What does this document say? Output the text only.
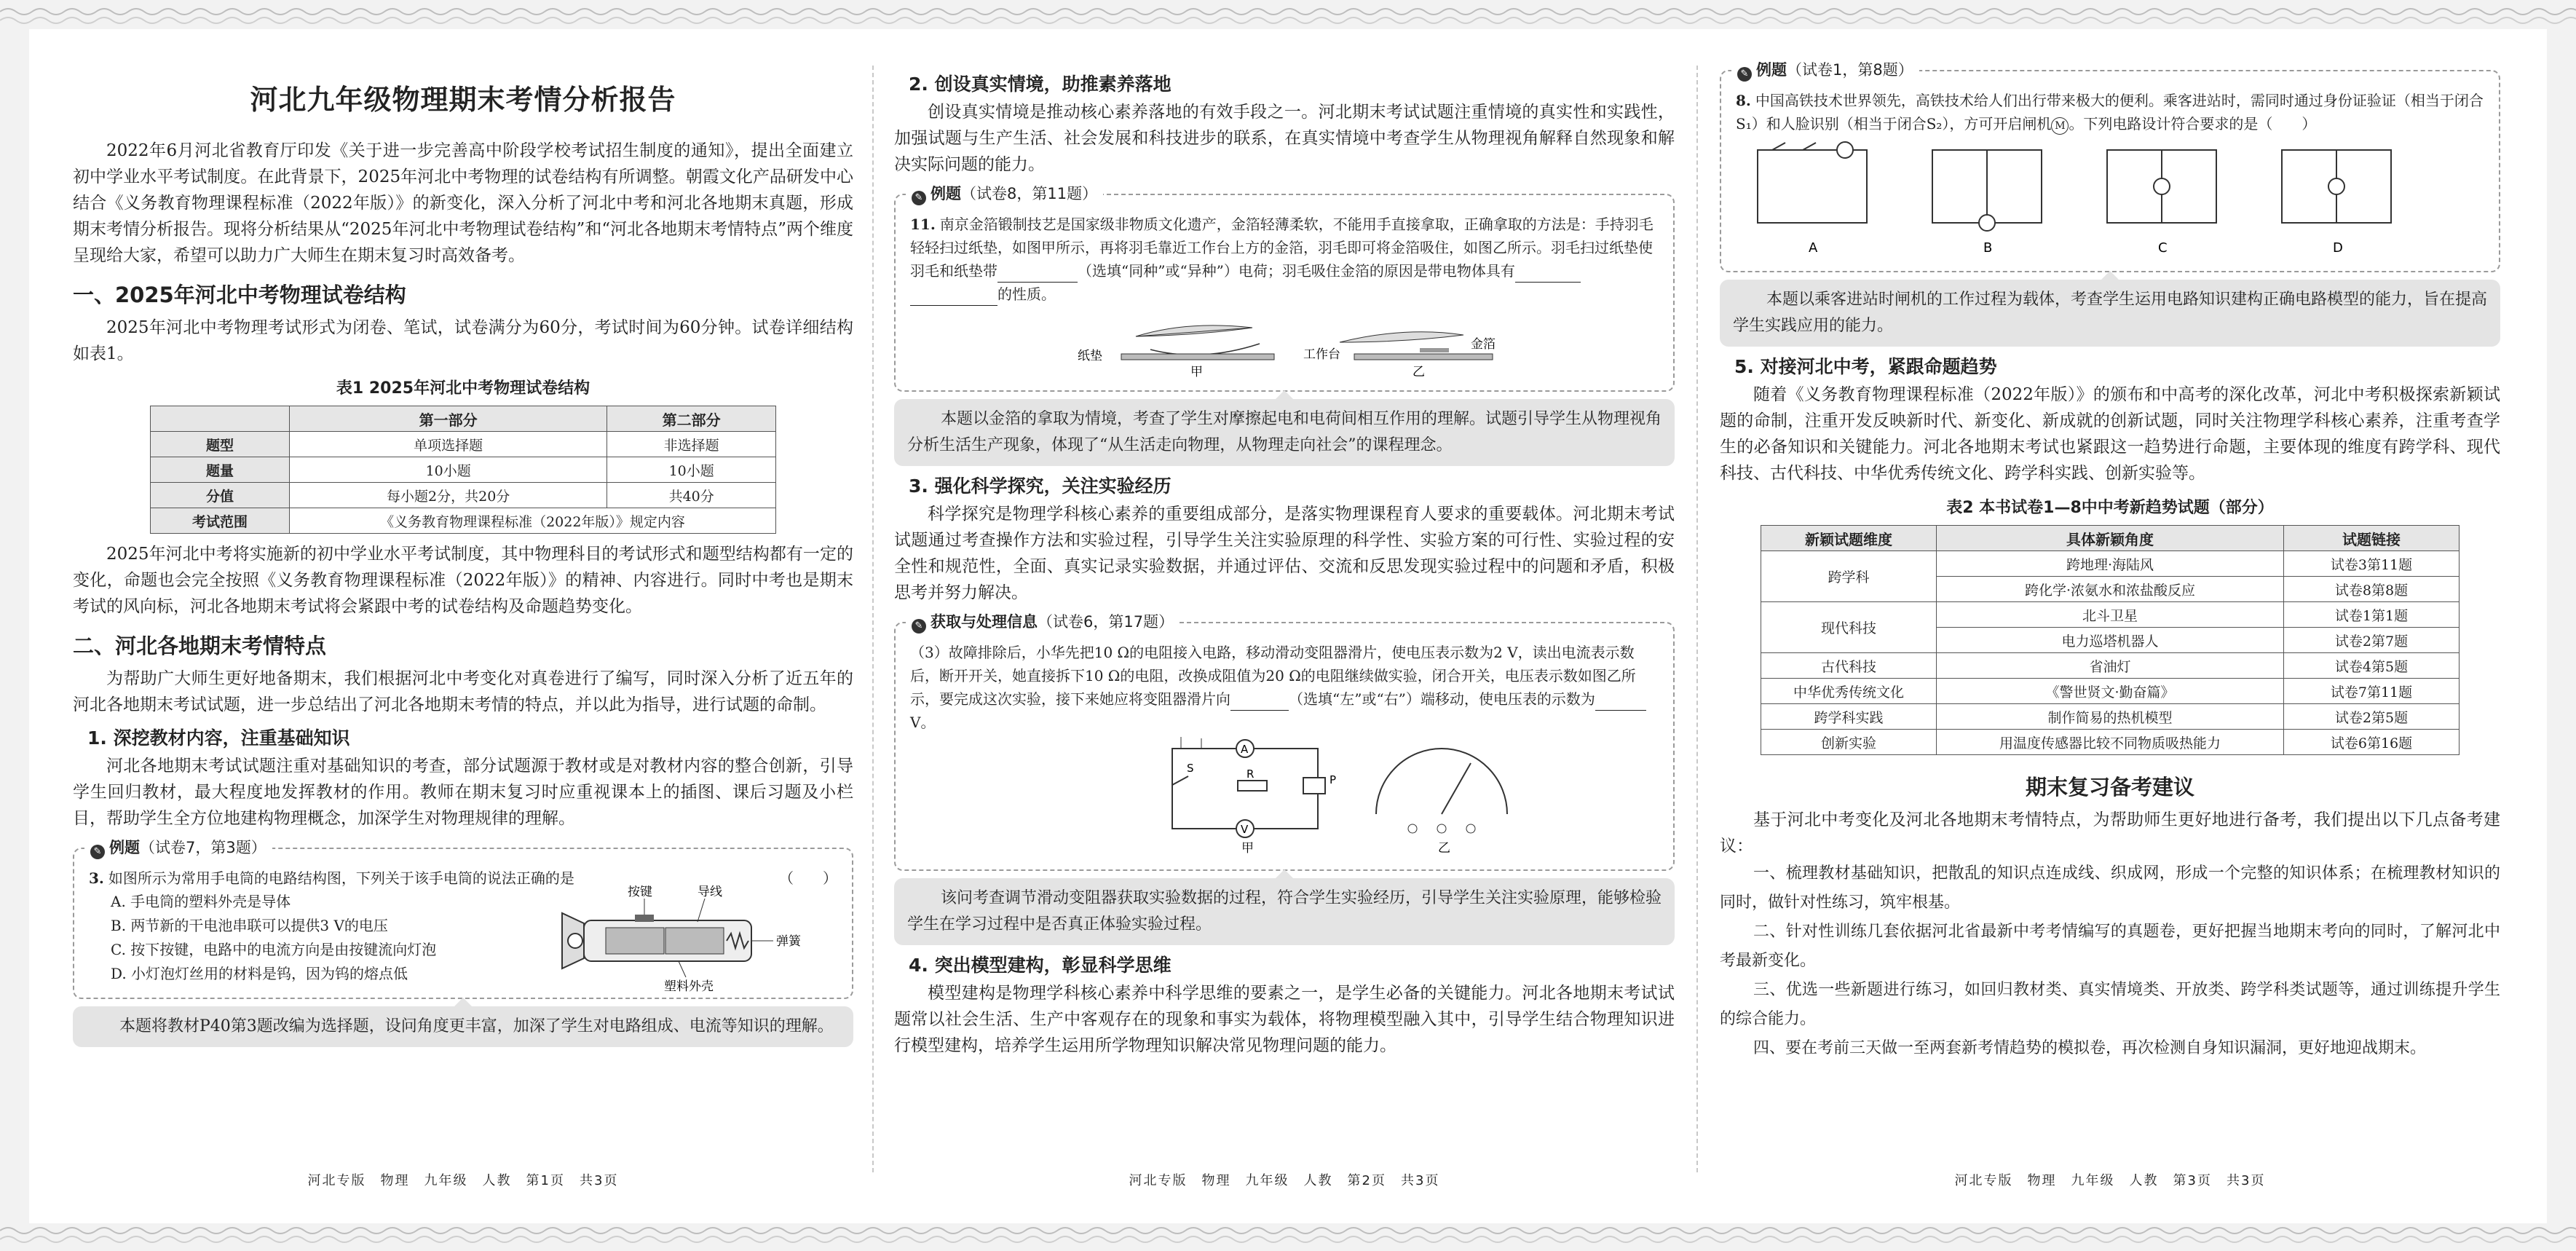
河北九年级物理期末考情分析报告

2022年6月河北省教育厅印发《关于进一步完善高中阶段学校考试招生制度的通知》，提出全面建立初中学业水平考试制度。在此背景下，2025年河北中考物理的试卷结构有所调整。朝霞文化产品研发中心结合《义务教育物理课程标准（2022年版）》的新变化，深入分析了河北中考和河北各地期末真题，形成期末考情分析报告。现将分析结果从“2025年河北中考物理试卷结构”和“河北各地期末考情特点”两个维度呈现给大家，希望可以助力广大师生在期末复习时高效备考。

一、2025年河北中考物理试卷结构

2025年河北中考物理考试形式为闭卷、笔试，试卷满分为60分，考试时间为60分钟。试卷详细结构如表1。

表1 2025年河北中考物理试卷结构
	第一部分	第二部分
题型	单项选择题	非选择题
题量	10小题	10小题
分值	每小题2分，共20分	共40分
考试范围	《义务教育物理课程标准（2022年版）》规定内容	

2025年河北中考将实施新的初中学业水平考试制度，其中物理科目的考试形式和题型结构都有一定的变化，命题也会完全按照《义务教育物理课程标准（2022年版）》的精神、内容进行。同时中考也是期末考试的风向标，河北各地期末考试将会紧跟中考的试卷结构及命题趋势变化。

二、河北各地期末考情特点

为帮助广大师生更好地备期末，我们根据河北中考变化对真卷进行了编写，同时深入分析了近五年的河北各地期末考试试题，进一步总结出了河北各地期末考情的特点，并以此为指导，进行试题的命制。

1. 深挖教材内容，注重基础知识

河北各地期末考试试题注重对基础知识的考查，部分试题源于教材或是对教材内容的整合创新，引导学生回归教材，最大程度地发挥教材的作用。教师在期末复习时应重视课本上的插图、课后习题及小栏目，帮助学生全方位地建构物理概念，加深学生对物理规律的理解。

✎ 例题（试卷7，第3题）
3. 如图所示为常用手电筒的电路结构图，下列关于该手电筒的说法正确的是	（　　）
A. 手电筒的塑料外壳是导体
B. 两节新的干电池串联可以提供3 V的电压
C. 按下按键，电路中的电流方向是由按键流向灯泡
D. 小灯泡灯丝用的材料是钨，因为钨的熔点低
按键	导线
弹簧
塑料外壳

本题将教材P40第3题改编为选择题，设问角度更丰富，加深了学生对电路组成、电流等知识的理解。

河北专版　物理　九年级　人教　第1页　共3页
2. 创设真实情境，助推素养落地

创设真实情境是推动核心素养落地的有效手段之一。河北期末考试试题注重情境的真实性和实践性，加强试题与生产生活、社会发展和科技进步的联系，在真实情境中考查学生从物理视角解释自然现象和解决实际问题的能力。

✎ 例题（试卷8，第11题）
11. 南京金箔锻制技艺是国家级非物质文化遗产，金箔轻薄柔软，不能用手直接拿取，正确拿取的方法是：手持羽毛轻轻扫过纸垫，如图甲所示，再将羽毛靠近工作台上方的金箔，羽毛即可将金箔吸住，如图乙所示。羽毛扫过纸垫使羽毛和纸垫带	（选填“同种”或“异种”）电荷；羽毛吸住金箔的原因是带电物体具有
的性质。
纸垫
甲
工作台
金箔
乙

本题以金箔的拿取为情境，考查了学生对摩擦起电和电荷间相互作用的理解。试题引导学生从物理视角分析生活生产现象，体现了“从生活走向物理，从物理走向社会”的课程理念。

3. 强化科学探究，关注实验经历

科学探究是物理学科核心素养的重要组成部分，是落实物理课程育人要求的重要载体。河北期末考试试题通过考查操作方法和实验过程，引导学生关注实验原理的科学性、实验方案的可行性、实验过程的安全性和规范性，全面、真实记录实验数据，并通过评估、交流和反思发现实验过程中的问题和矛盾，积极思考并努力解决。

✎ 获取与处理信息（试卷6，第17题）
（3）故障排除后，小华先把10 Ω的电阻接入电路，移动滑动变阻器滑片，使电压表示数为2 V，读出电流表示数后，断开开关，她直接拆下10 Ω的电阻，改换成阻值为20 Ω的电阻继续做实验，闭合开关，电压表示数如图乙所示，要完成这次实验，接下来她应将变阻器滑片向	（选填“左”或“右”）端移动，使电压表的示数为V。
A
R	P
V
S
甲	乙

该问考查调节滑动变阻器获取实验数据的过程，符合学生实验经历，引导学生关注实验原理，能够检验学生在学习过程中是否真正体验实验过程。

4. 突出模型建构，彰显科学思维

模型建构是物理学科核心素养中科学思维的要素之一，是学生必备的关键能力。河北各地期末考试试题常以社会生活、生产中客观存在的现象和事实为载体，将物理模型融入其中，引导学生结合物理知识进行模型建构，培养学生运用所学物理知识解决常见物理问题的能力。

河北专版　物理　九年级　人教　第2页　共3页
✎ 例题（试卷1，第8题）
8. 中国高铁技术世界领先，高铁技术给人们出行带来极大的便利。乘客进站时，需同时通过身份证验证（相当于闭合S₁）和人脸识别（相当于闭合S₂），方可开启闸机 M 。下列电路设计符合要求的是（　　）
A	B	C	D

本题以乘客进站时闸机的工作过程为载体，考查学生运用电路知识建构正确电路模型的能力，旨在提高学生实践应用的能力。

5. 对接河北中考，紧跟命题趋势

随着《义务教育物理课程标准（2022年版）》的颁布和中高考的深化改革，河北中考积极探索新颖试题的命制，注重开发反映新时代、新变化、新成就的创新试题，同时关注物理学科核心素养，注重考查学生的必备知识和关键能力。河北各地期末考试也紧跟这一趋势进行命题，主要体现的维度有跨学科、现代科技、古代科技、中华优秀传统文化、跨学科实践、创新实验等。

表2 本书试卷1—8中中考新趋势试题（部分）
新颖试题维度	具体新颖角度	试题链接
跨学科	跨地理·海陆风	试卷3第11题
	跨化学·浓氨水和浓盐酸反应	试卷8第8题
现代科技	北斗卫星	试卷1第1题
	电力巡塔机器人	试卷2第7题
古代科技	省油灯	试卷4第5题
中华优秀传统文化	《警世贤文·勤奋篇》	试卷7第11题
跨学科实践	制作简易的热机模型	试卷2第5题
创新实验	用温度传感器比较不同物质吸热能力	试卷6第16题
期末复习备考建议

基于河北中考变化及河北各地期末考情特点，为帮助师生更好地进行备考，我们提出以下几点备考建议：

一、梳理教材基础知识，把散乱的知识点连成线、织成网，形成一个完整的知识体系；在梳理教材知识的同时，做针对性练习，筑牢根基。

二、针对性训练几套依据河北省最新中考考情编写的真题卷，更好把握当地期末考向的同时，了解河北中考最新变化。

三、优选一些新题进行练习，如回归教材类、真实情境类、开放类、跨学科类试题等，通过训练提升学生的综合能力。

四、要在考前三天做一至两套新考情趋势的模拟卷，再次检测自身知识漏洞，更好地迎战期末。

河北专版　物理　九年级　人教　第3页　共3页
